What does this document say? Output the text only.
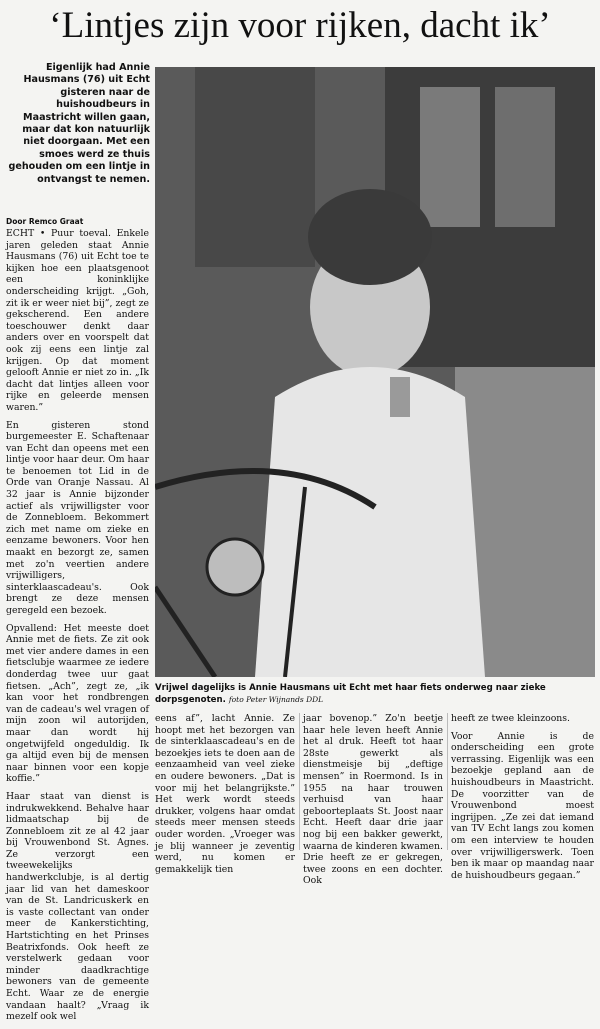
‘Lintjes zijn voor rijken, dacht ik’
Eigenlijk had Annie Hausmans (76) uit Echt gisteren naar de huishoudbeurs in Maastricht willen gaan, maar dat kon natuurlijk niet doorgaan. Met een smoes werd ze thuis gehouden om een lintje in ontvangst te nemen.
Door Remco Graat

ECHT • Puur toeval. Enkele jaren geleden staat Annie Hausmans (76) uit Echt toe te kijken hoe een plaatsgenoot een koninklijke onderscheiding krijgt. „Goh, zit ik er weer niet bij”, zegt ze gekscherend. Een andere toeschouwer denkt daar anders over en voorspelt dat ook zij eens een lintje zal krijgen. Op dat moment gelooft Annie er niet zo in. „Ik dacht dat lintjes alleen voor rijke en geleerde mensen waren.”

En gisteren stond burgemeester E. Schaftenaar van Echt dan opeens met een lintje voor haar deur. Om haar te benoemen tot Lid in de Orde van Oranje Nassau. Al 32 jaar is Annie bijzonder actief als vrijwilligster voor de Zonnebloem. Bekommert zich met name om zieke en eenzame bewoners. Voor hen maakt en bezorgt ze, samen met zo'n veertien andere vrijwilligers, sinterklaascadeau's. Ook brengt ze deze mensen geregeld een bezoek.

Opvallend: Het meeste doet Annie met de fiets. Ze zit ook met vier andere dames in een fietsclubje waarmee ze iedere donderdag twee uur gaat fietsen. „Ach”, zegt ze, „ik kan voor het rondbrengen van de cadeau's wel vragen of mijn zoon wil autorijden, maar dan wordt hij ongetwijfeld ongeduldig. Ik ga altijd even bij de mensen naar binnen voor een kopje koffie.”

Haar staat van dienst is indrukwekkend. Behalve haar lidmaatschap bij de Zonnebloem zit ze al 42 jaar bij Vrouwenbond St. Agnes. Ze verzorgt een tweewekelijks handwerkclubje, is al dertig jaar lid van het dameskoor van de St. Landricuskerk en is vaste collectant van onder meer de Kankerstichting, Hartstichting en het Prinses Beatrixfonds. Ook heeft ze verstelwerk gedaan voor minder daadkrachtige bewoners van de gemeente Echt. Waar ze de energie vandaan haalt? „Vraag ik mezelf ook wel

Vrijwel dagelijks is Annie Hausmans uit Echt met haar fiets onderweg naar zieke dorpsgenoten. foto Peter Wijnands DDL

eens af”, lacht Annie. Ze hoopt met het bezorgen van de sinterklaascadeau's en de bezoekjes iets te doen aan de eenzaamheid van veel zieke en oudere bewoners. „Dat is voor mij het belangrijkste.” Het werk wordt steeds drukker, volgens haar omdat steeds meer mensen steeds ouder worden. „Vroeger was je blij wanneer je zeventig werd, nu komen er gemakkelijk tien

jaar bovenop.” Zo'n beetje haar hele leven heeft Annie het al druk. Heeft tot haar 28ste gewerkt als dienstmeisje bij „deftige mensen” in Roermond. Is in 1955 na haar trouwen verhuisd van haar geboorteplaats St. Joost naar Echt. Heeft daar drie jaar nog bij een bakker gewerkt, waarna de kinderen kwamen. Drie heeft ze er gekregen, twee zoons en een dochter. Ook

heeft ze twee kleinzoons.

Voor Annie is de onderscheiding een grote verrassing. Eigenlijk was een bezoekje gepland aan de huishoudbeurs in Maastricht. De voorzitter van de Vrouwenbond moest ingrijpen. „Ze zei dat iemand van TV Echt langs zou komen om een interview te houden over vrijwilligerswerk. Toen ben ik maar op maandag naar de huishoudbeurs gegaan.”
